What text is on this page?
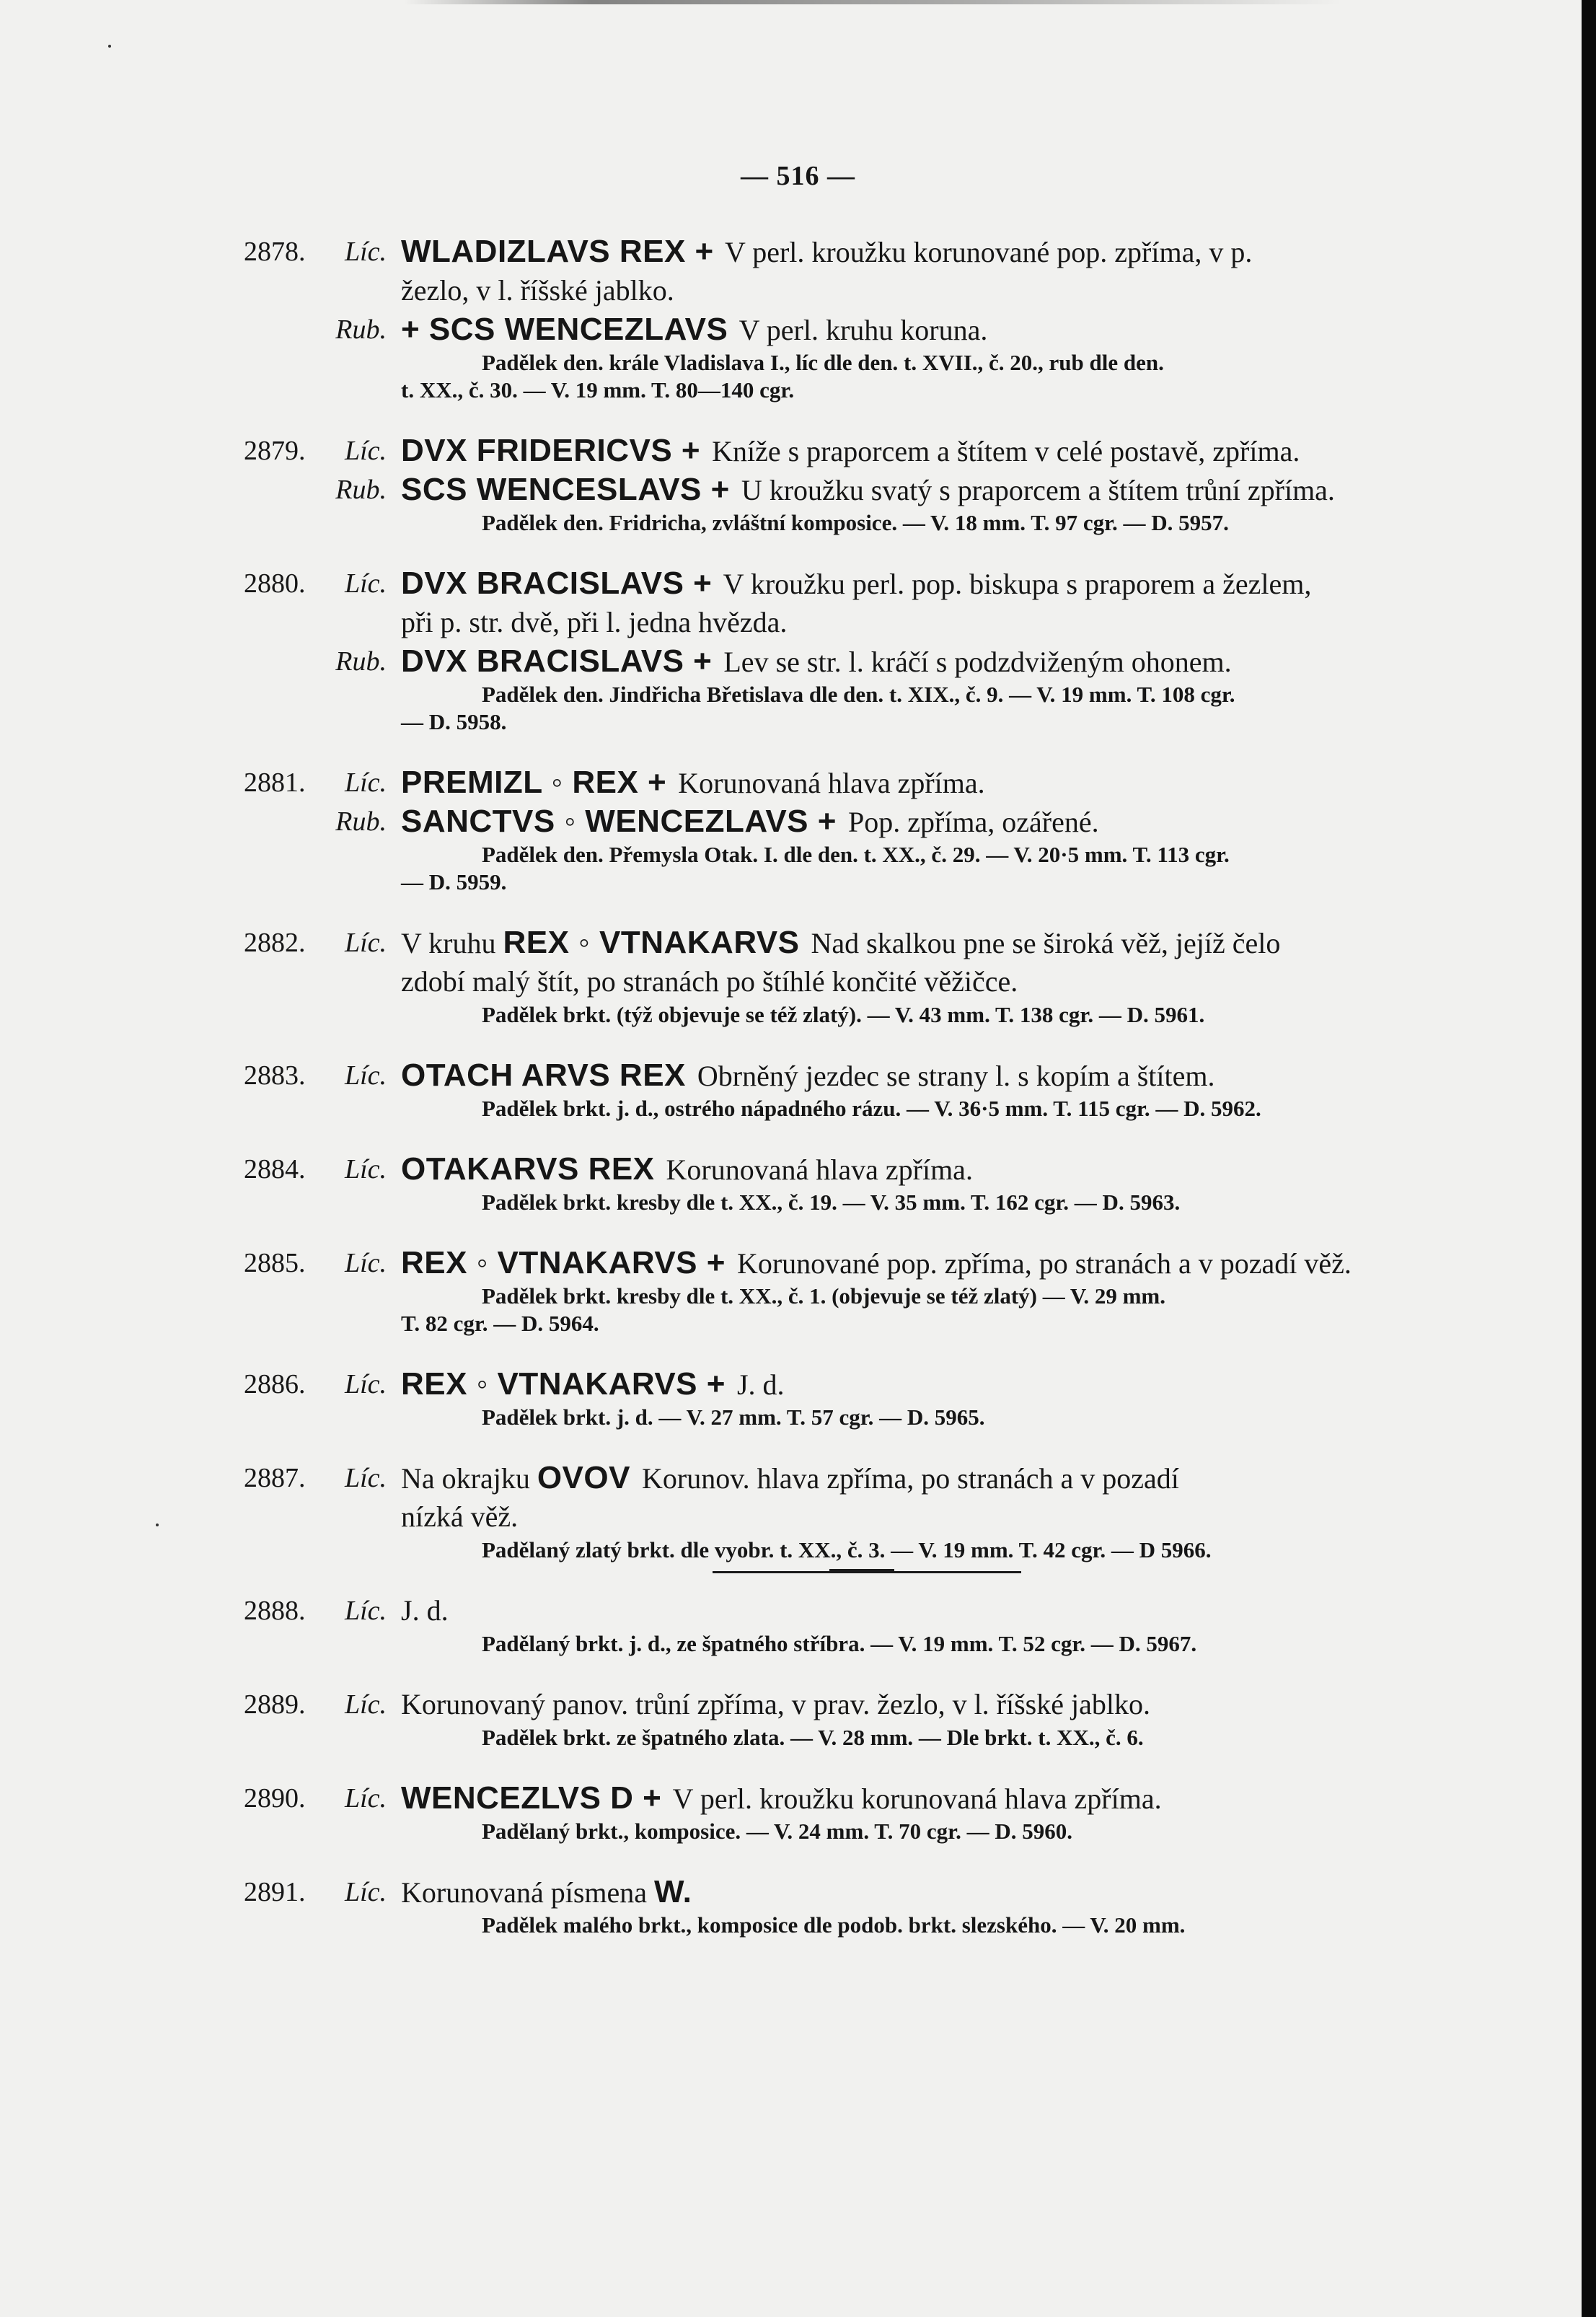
— 516 —
2878.	Líc. WLADIZLAVS REX + V perl. kroužku korunované pop. zpříma, v p.
žezlo, v l. říšské jablko.
Rub. + SCS WENCEZLAVS V perl. kruhu koruna.
Padělek den. krále Vladislava I., líc dle den. t. XVII., č. 20., rub dle den.
t. XX., č. 30. — V. 19 mm. T. 80—140 cgr.
2879.	Líc. DVX FRIDERICVS + Kníže s praporcem a štítem v celé postavě, zpříma.
Rub. SCS WENCESLAVS + U kroužku svatý s praporcem a štítem trůní zpříma.
Padělek den. Fridricha, zvláštní komposice. — V. 18 mm. T. 97 cgr. — D. 5957.
2880.	Líc. DVX BRACISLAVS + V kroužku perl. pop. biskupa s praporem a žezlem,
při p. str. dvě, při l. jedna hvězda.
Rub. DVX BRACISLAVS + Lev se str. l. kráčí s podzdviženým ohonem.
Padělek den. Jindřicha Břetislava dle den. t. XIX., č. 9. — V. 19 mm. T. 108 cgr.
— D. 5958.
2881.	Líc. PREMIZL ◦ REX + Korunovaná hlava zpříma.
Rub. SANCTVS ◦ WENCEZLAVS + Pop. zpříma, ozářené.
Padělek den. Přemysla Otak. I. dle den. t. XX., č. 29. — V. 20·5 mm. T. 113 cgr.
— D. 5959.
2882.	Líc. V kruhu REX ◦ VTNAKARVS Nad skalkou pne se široká věž, jejíž čelo
zdobí malý štít, po stranách po štíhlé končité věžičce.
Padělek brkt. (týž objevuje se též zlatý). — V. 43 mm. T. 138 cgr. — D. 5961.
2883.	Líc. OTACH ARVS REX Obrněný jezdec se strany l. s kopím a štítem.
Padělek brkt. j. d., ostrého nápadného rázu. — V. 36·5 mm. T. 115 cgr. — D. 5962.
2884.	Líc. OTAKARVS REX Korunovaná hlava zpříma.
Padělek brkt. kresby dle t. XX., č. 19. — V. 35 mm. T. 162 cgr. — D. 5963.
2885.	Líc. REX ◦ VTNAKARVS + Korunované pop. zpříma, po stranách a v pozadí věž.
Padělek brkt. kresby dle t. XX., č. 1. (objevuje se též zlatý) — V. 29 mm.
T. 82 cgr. — D. 5964.
2886.	Líc. REX ◦ VTNAKARVS + J. d.
Padělek brkt. j. d. — V. 27 mm. T. 57 cgr. — D. 5965.
2887.	Líc. Na okrajku OVOV Korunov. hlava zpříma, po stranách a v pozadí
nízká věž.
Padělaný zlatý brkt. dle vyobr. t. XX., č. 3. — V. 19 mm. T. 42 cgr. — D 5966.
2888.	Líc. J. d.
Padělaný brkt. j. d., ze špatného stříbra. — V. 19 mm. T. 52 cgr. — D. 5967.
2889.	Líc. Korunovaný panov. trůní zpříma, v prav. žezlo, v l. říšské jablko.
Padělek brkt. ze špatného zlata. — V. 28 mm. — Dle brkt. t. XX., č. 6.
2890.	Líc. WENCEZLVS D + V perl. kroužku korunovaná hlava zpříma.
Padělaný brkt., komposice. — V. 24 mm. T. 70 cgr. — D. 5960.
2891.	Líc. Korunovaná písmena W.
Padělek malého brkt., komposice dle podob. brkt. slezského. — V. 20 mm.
